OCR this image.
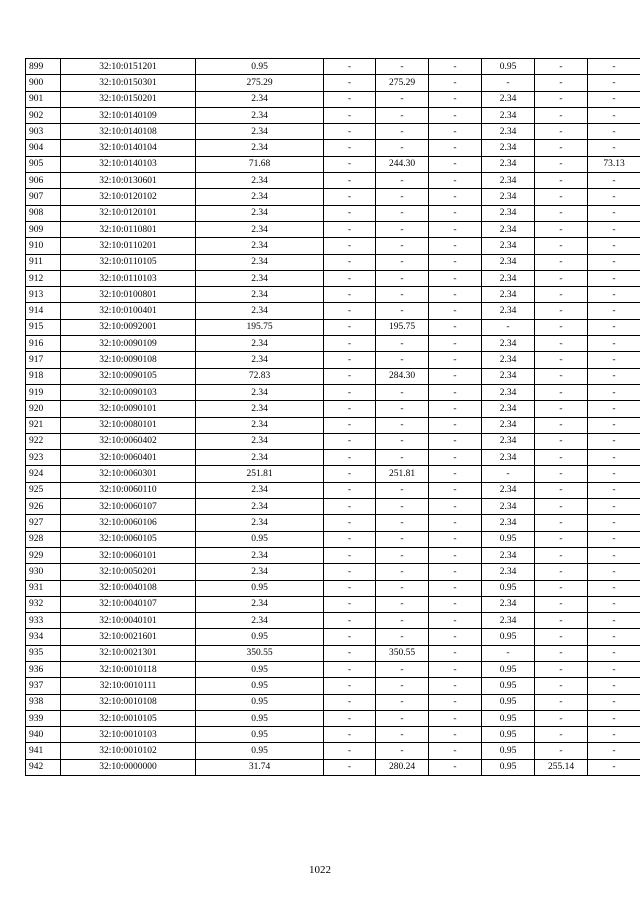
899	32:10:0151201	0.95	-	-	-	0.95	-	-
900	32:10:0150301	275.29	-	275.29	-	-	-	-
901	32:10:0150201	2.34	-	-	-	2.34	-	-
902	32:10:0140109	2.34	-	-	-	2.34	-	-
903	32:10:0140108	2.34	-	-	-	2.34	-	-
904	32:10:0140104	2.34	-	-	-	2.34	-	-
905	32:10:0140103	71.68	-	244.30	-	2.34	-	73.13
906	32:10:0130601	2.34	-	-	-	2.34	-	-
907	32:10:0120102	2.34	-	-	-	2.34	-	-
908	32:10:0120101	2.34	-	-	-	2.34	-	-
909	32:10:0110801	2.34	-	-	-	2.34	-	-
910	32:10:0110201	2.34	-	-	-	2.34	-	-
911	32:10:0110105	2.34	-	-	-	2.34	-	-
912	32:10:0110103	2.34	-	-	-	2.34	-	-
913	32:10:0100801	2.34	-	-	-	2.34	-	-
914	32:10:0100401	2.34	-	-	-	2.34	-	-
915	32:10:0092001	195.75	-	195.75	-	-	-	-
916	32:10:0090109	2.34	-	-	-	2.34	-	-
917	32:10:0090108	2.34	-	-	-	2.34	-	-
918	32:10:0090105	72.83	-	284.30	-	2.34	-	-
919	32:10:0090103	2.34	-	-	-	2.34	-	-
920	32:10:0090101	2.34	-	-	-	2.34	-	-
921	32:10:0080101	2.34	-	-	-	2.34	-	-
922	32:10:0060402	2.34	-	-	-	2.34	-	-
923	32:10:0060401	2.34	-	-	-	2.34	-	-
924	32:10:0060301	251.81	-	251.81	-	-	-	-
925	32:10:0060110	2.34	-	-	-	2.34	-	-
926	32:10:0060107	2.34	-	-	-	2.34	-	-
927	32:10:0060106	2.34	-	-	-	2.34	-	-
928	32:10:0060105	0.95	-	-	-	0.95	-	-
929	32:10:0060101	2.34	-	-	-	2.34	-	-
930	32:10:0050201	2.34	-	-	-	2.34	-	-
931	32:10:0040108	0.95	-	-	-	0.95	-	-
932	32:10:0040107	2.34	-	-	-	2.34	-	-
933	32:10:0040101	2.34	-	-	-	2.34	-	-
934	32:10:0021601	0.95	-	-	-	0.95	-	-
935	32:10:0021301	350.55	-	350.55	-	-	-	-
936	32:10:0010118	0.95	-	-	-	0.95	-	-
937	32:10:0010111	0.95	-	-	-	0.95	-	-
938	32:10:0010108	0.95	-	-	-	0.95	-	-
939	32:10:0010105	0.95	-	-	-	0.95	-	-
940	32:10:0010103	0.95	-	-	-	0.95	-	-
941	32:10:0010102	0.95	-	-	-	0.95	-	-
942	32:10:0000000	31.74	-	280.24	-	0.95	255.14	-
1022
